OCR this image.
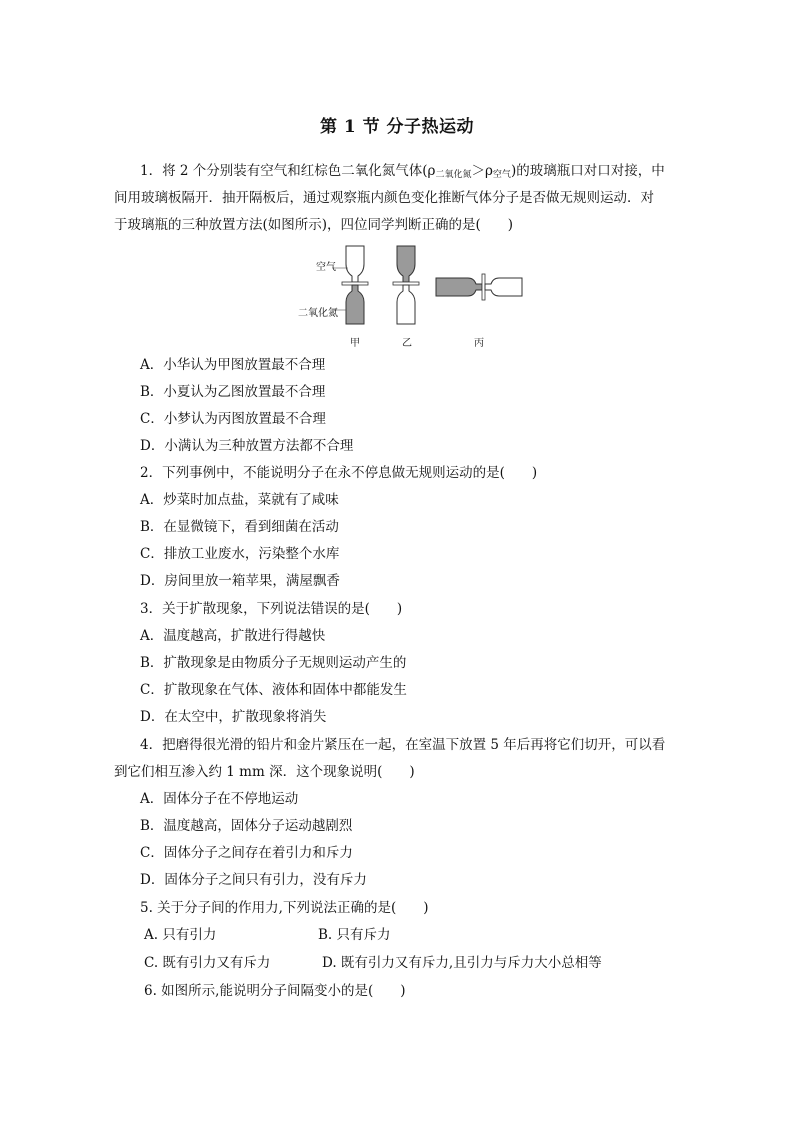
第 1 节 分子热运动
1．将 2 个分别装有空气和红棕色二氧化氮气体$(\rho_{二氧化氮}>\rho_{空气})$的玻璃瓶口对口对接，中
间用玻璃板隔开．抽开隔板后，通过观察瓶内颜色变化推断气体分子是否做无规则运动．对
于玻璃瓶的三种放置方法(如图所示)，四位同学判断正确的是(　　)
空气
二氧化氮
甲	乙	丙
A．小华认为甲图放置最不合理
B．小夏认为乙图放置最不合理
C．小梦认为丙图放置最不合理
D．小满认为三种放置方法都不合理
2．下列事例中，不能说明分子在永不停息做无规则运动的是(　　)
A．炒菜时加点盐，菜就有了咸味
B．在显微镜下，看到细菌在活动
C．排放工业废水，污染整个水库
D．房间里放一箱苹果，满屋飘香
3．关于扩散现象，下列说法错误的是(　　)
A．温度越高，扩散进行得越快
B．扩散现象是由物质分子无规则运动产生的
C．扩散现象在气体、液体和固体中都能发生
D．在太空中，扩散现象将消失
4．把磨得很光滑的铅片和金片紧压在一起，在室温下放置 5 年后再将它们切开，可以看
到它们相互渗入约 1 mm 深．这个现象说明(　　)
A．固体分子在不停地运动
B．温度越高，固体分子运动越剧烈
C．固体分子之间存在着引力和斥力
D．固体分子之间只有引力，没有斥力
5. 关于分子间的作用力,下列说法正确的是(　　)
A. 只有引力	B. 只有斥力
C. 既有引力又有斥力	D. 既有引力又有斥力,且引力与斥力大小总相等
6. 如图所示,能说明分子间隔变小的是(　　)
